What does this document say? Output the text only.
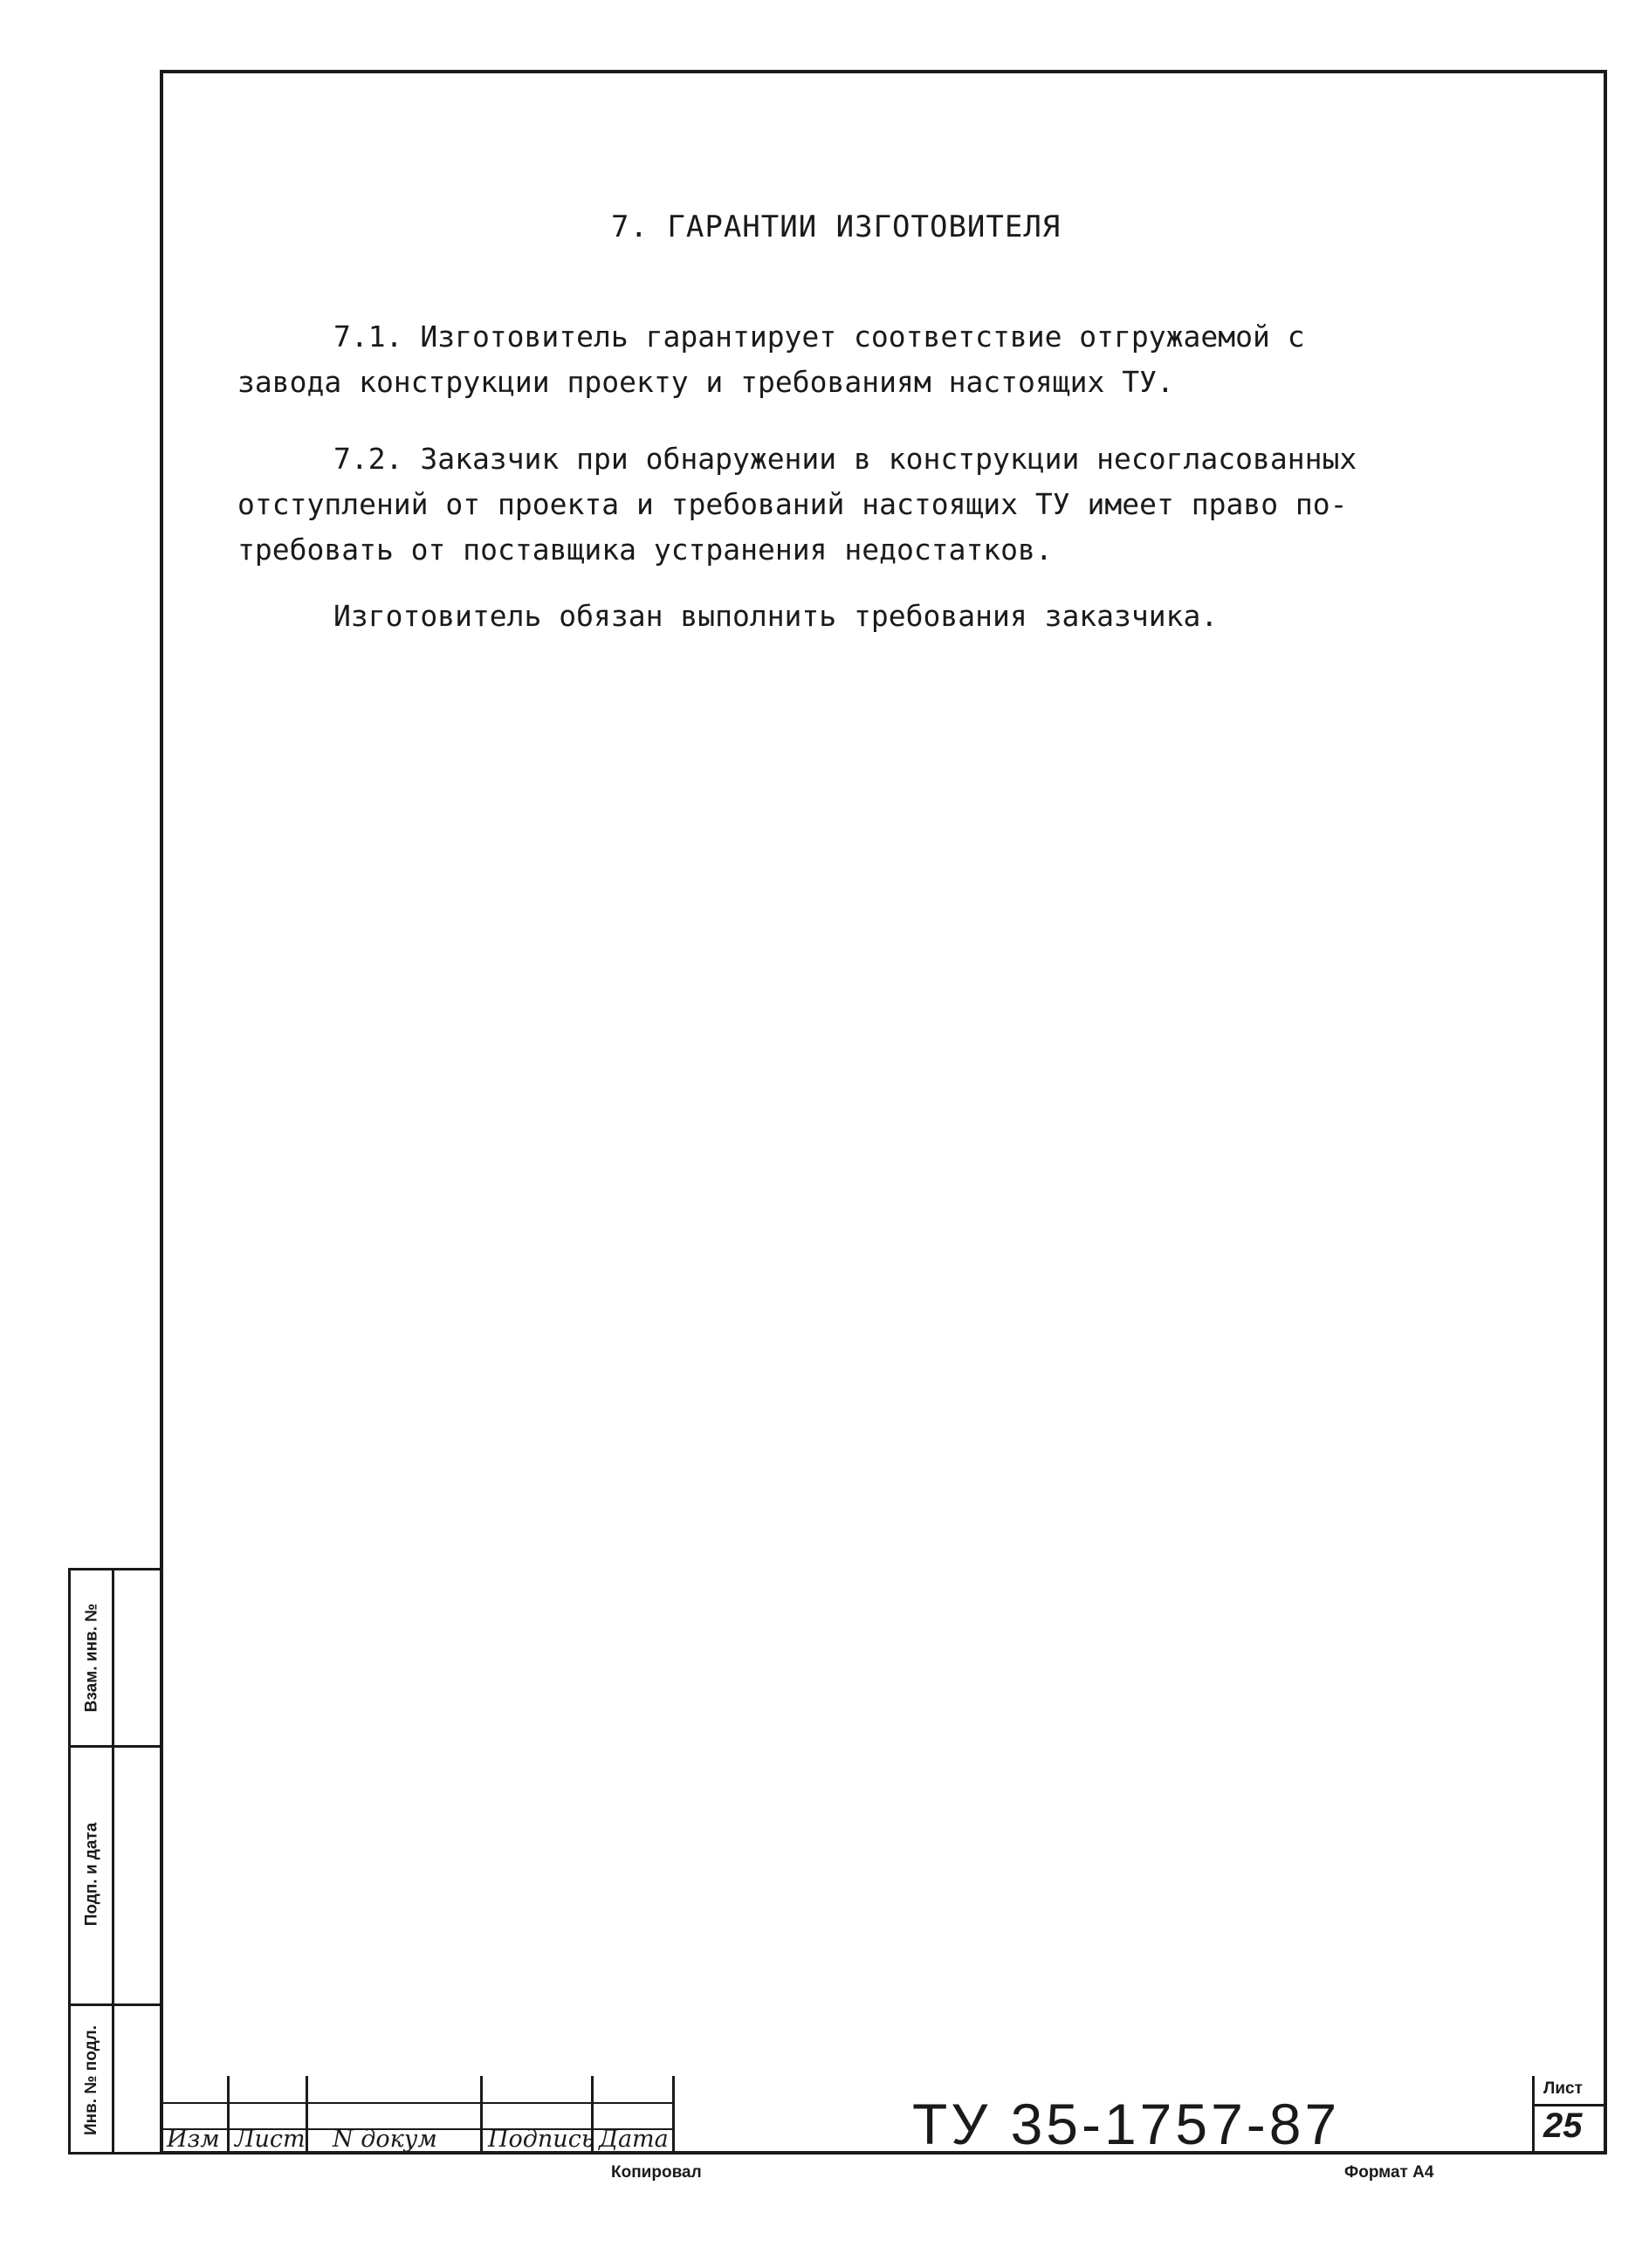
7. ГАРАНТИИ ИЗГОТОВИТЕЛЯ

7.1. Изготовитель гарантирует соответствие отгружаемой с
завода конструкции проекту и требованиям настоящих ТУ.

7.2. Заказчик при обнаружении в конструкции несогласованных
отступлений от проекта и требований настоящих ТУ имеет право по-
требовать от поставщика устранения недостатков.

Изготовитель обязан выполнить требования заказчика.

Взам. инв. №
Подп. и дата
Инв. № подл.
Изм Лист N докум Подпись Дата	ТУ 35-1757-87
Лист
25
Копировал	Формат А4
